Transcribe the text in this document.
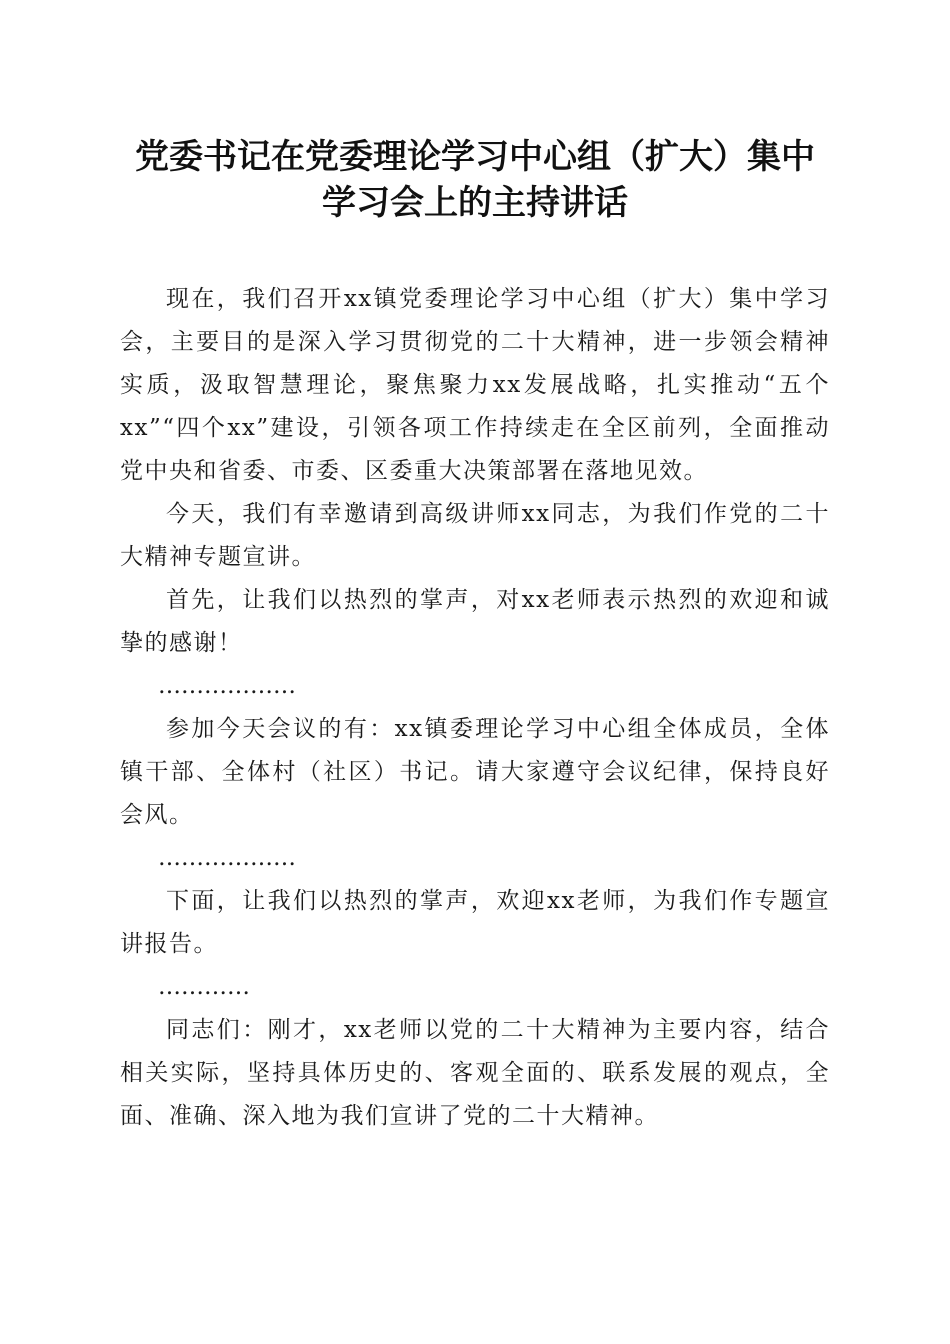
党委书记在党委理论学习中心组（扩大）集中
学习会上的主持讲话

现在，我们召开xx镇党委理论学习中心组（扩大）集中学习会，主要目的是深入学习贯彻党的二十大精神，进一步领会精神实质，汲取智慧理论，聚焦聚力xx发展战略，扎实推动“五个xx”“四个xx”建设，引领各项工作持续走在全区前列，全面推动党中央和省委、市委、区委重大决策部署在落地见效。

今天，我们有幸邀请到高级讲师xx同志，为我们作党的二十大精神专题宣讲。

首先，让我们以热烈的掌声，对xx老师表示热烈的欢迎和诚挚的感谢！

………………

参加今天会议的有：xx镇委理论学习中心组全体成员，全体镇干部、全体村（社区）书记。请大家遵守会议纪律，保持良好会风。

………………

下面，让我们以热烈的掌声，欢迎xx老师，为我们作专题宣讲报告。

…………

同志们：刚才，xx老师以党的二十大精神为主要内容，结合相关实际，坚持具体历史的、客观全面的、联系发展的观点，全面、准确、深入地为我们宣讲了党的二十大精神。
